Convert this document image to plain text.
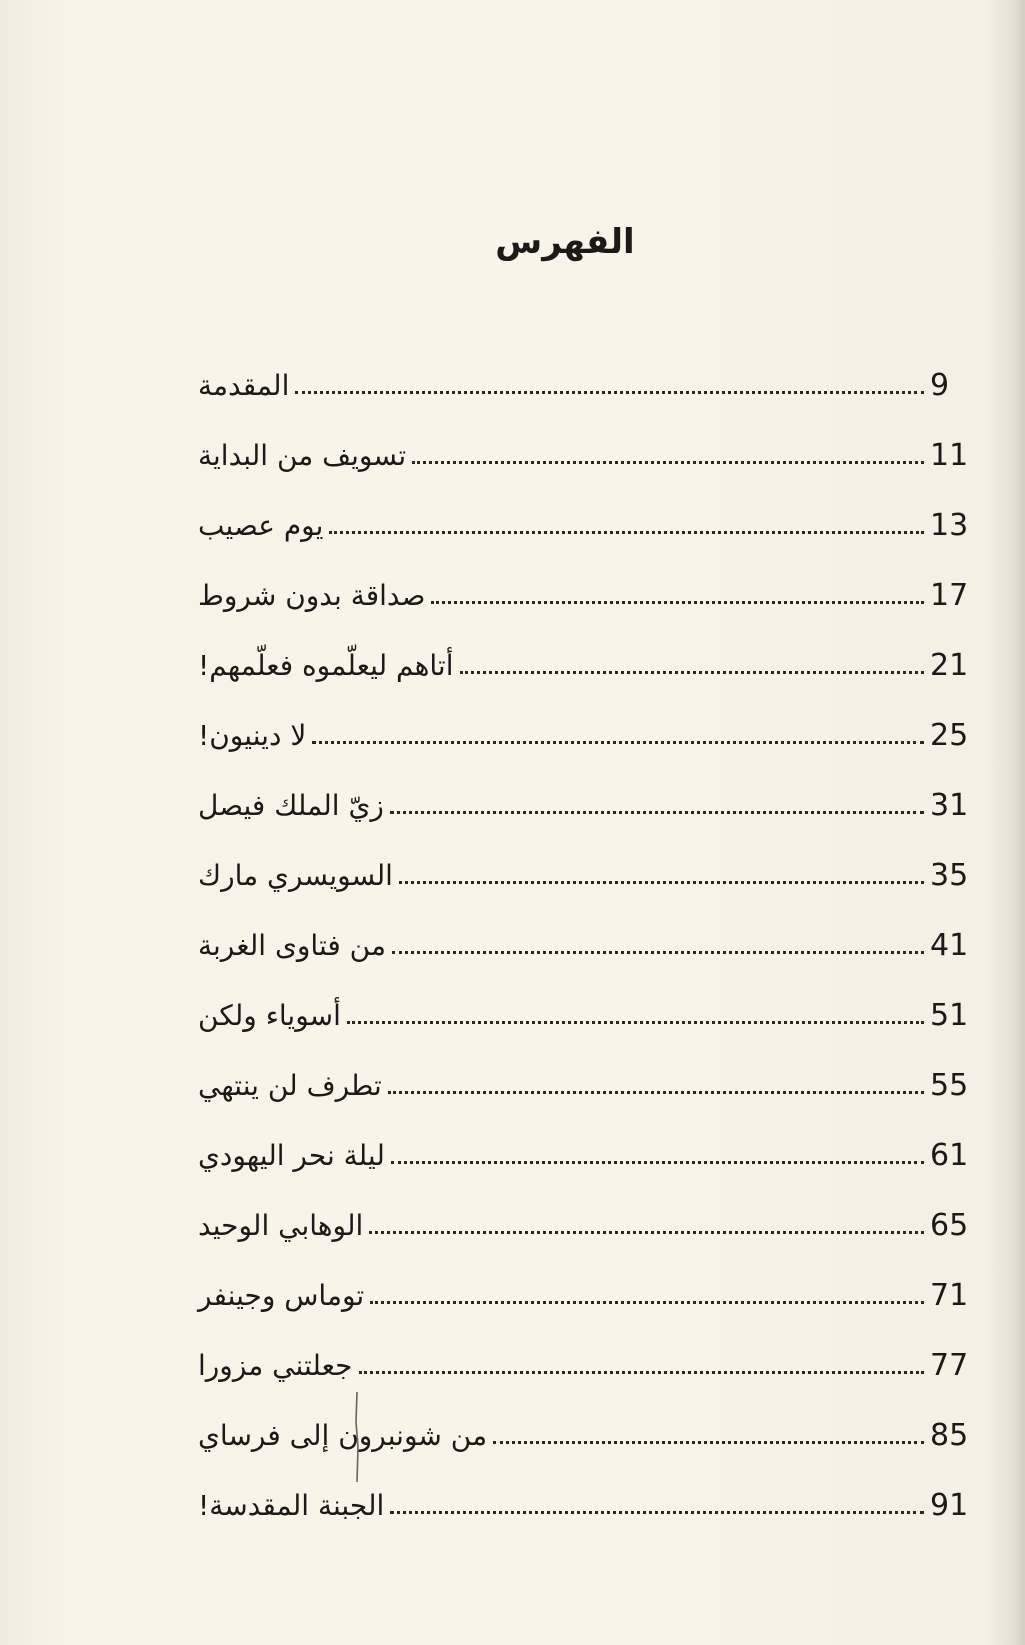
الفهرس
المقدمة	9
تسويف من البداية	11
يوم عصيب	13
صداقة بدون شروط	17
أتاهم ليعلّموه فعلّمهم!	21
لا دينيون!	25
زيّ الملك فيصل	31
السويسري مارك	35
من فتاوى الغربة	41
أسوياء ولكن	51
تطرف لن ينتهي	55
ليلة نحر اليهودي	61
الوهابي الوحيد	65
توماس وجينفر	71
جعلتني مزورا	77
من شونبرون إلى فرساي	85
الجبنة المقدسة!	91
